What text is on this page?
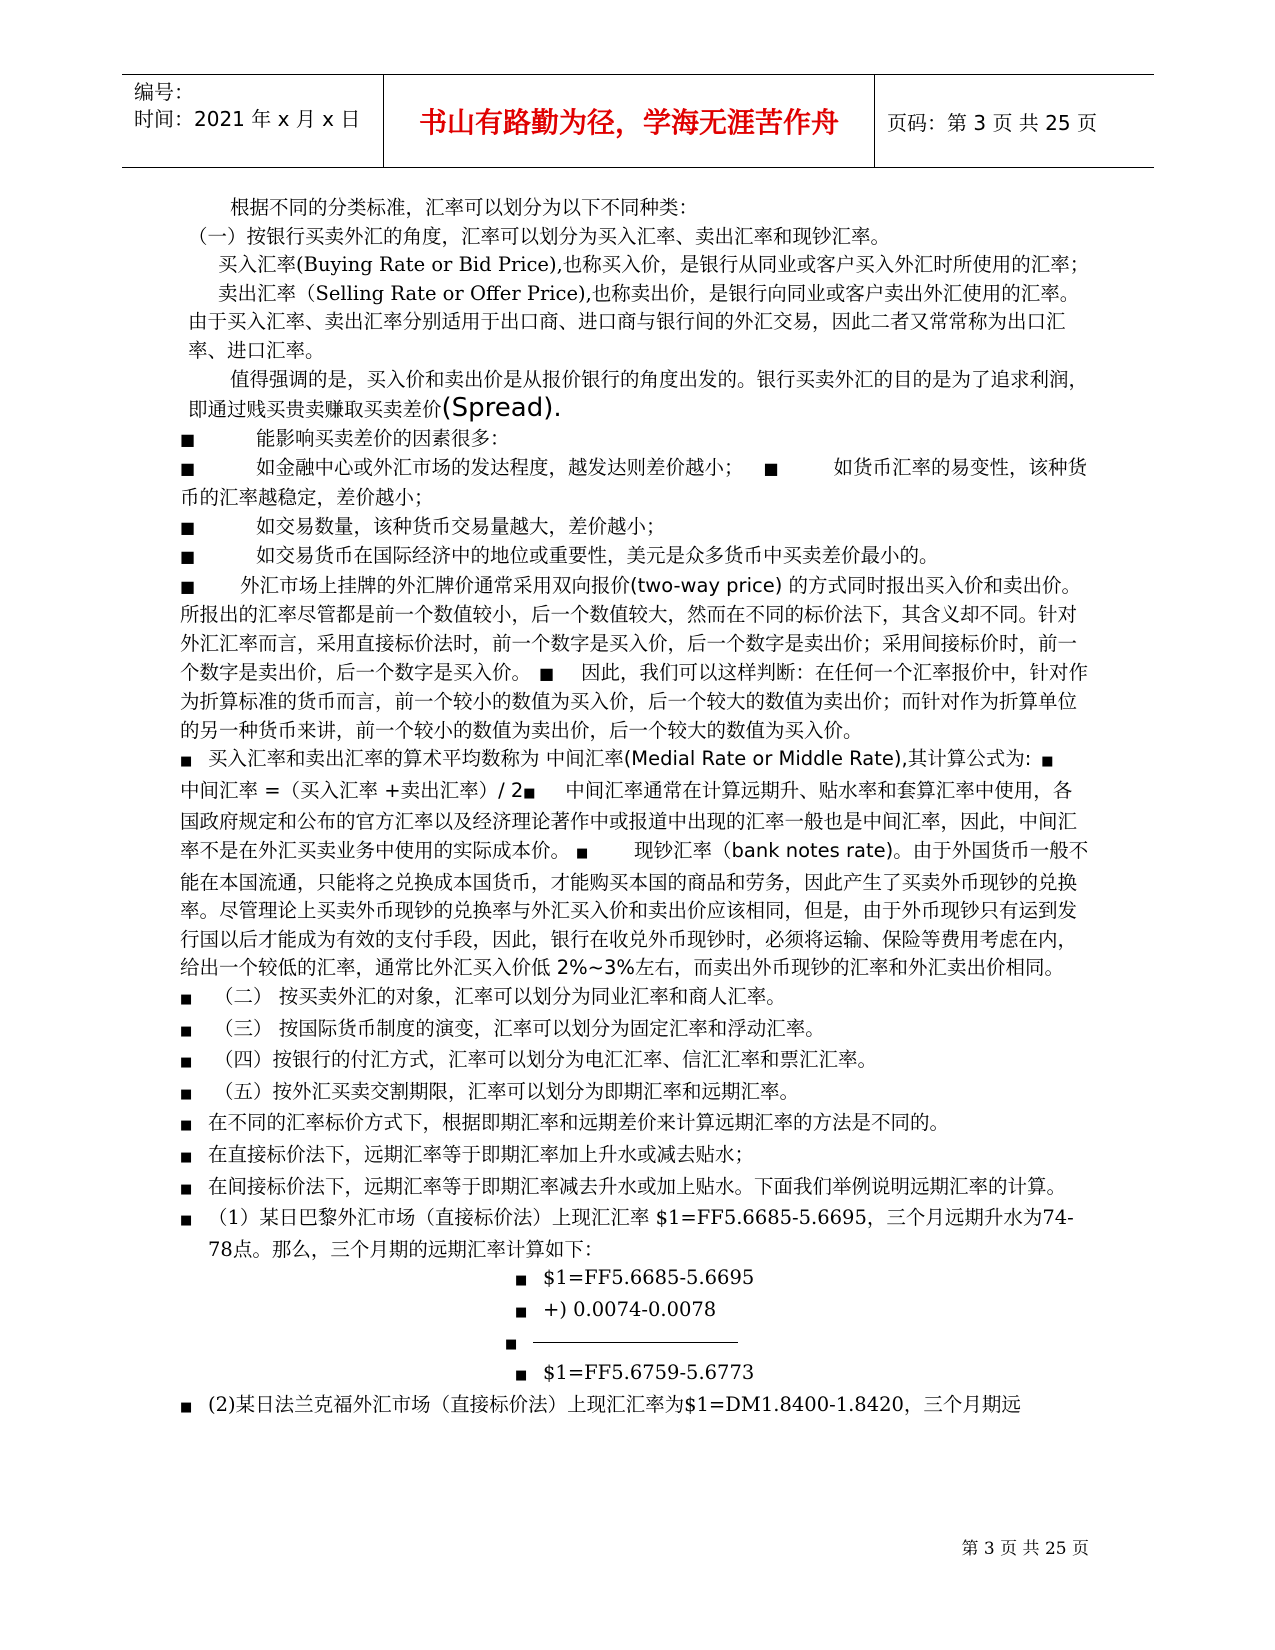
编号：
时间：2021 年 x 月 x 日	书山有路勤为径，学海无涯苦作舟	页码：第 3 页 共 25 页

根据不同的分类标准，汇率可以划分为以下不同种类：

（一）按银行买卖外汇的角度，汇率可以划分为买入汇率、卖出汇率和现钞汇率。

买入汇率(Buying Rate or Bid Price),也称买入价，是银行从同业或客户买入外汇时所使用的汇率；

卖出汇率（Selling Rate or Offer Price),也称卖出价，是银行向同业或客户卖出外汇使用的汇率。由于买入汇率、卖出汇率分别适用于出口商、进口商与银行间的外汇交易，因此二者又常常称为出口汇率、进口汇率。

值得强调的是，买入价和卖出价是从报价银行的角度出发的。银行买卖外汇的目的是为了追求利润，即通过贱买贵卖赚取买卖差价(Spread).

■	能影响买卖差价的因素很多：

■	如金融中心或外汇市场的发达程度，越发达则差价越小； ■	如货币汇率的易变性，该种货币的汇率越稳定，差价越小；

■	如交易数量，该种货币交易量越大，差价越小；

■	如交易货币在国际经济中的地位或重要性，美元是众多货币中买卖差价最小的。

■ 外汇市场上挂牌的外汇牌价通常采用双向报价(two-way price) 的方式同时报出买入价和卖出价。所报出的汇率尽管都是前一个数值较小，后一个数值较大，然而在不同的标价法下，其含义却不同。针对外汇汇率而言，采用直接标价法时，前一个数字是买入价，后一个数字是卖出价；采用间接标价时，前一个数字是卖出价，后一个数字是买入价。 ■ 因此，我们可以这样判断：在任何一个汇率报价中，针对作为折算标准的货币而言，前一个较小的数值为买入价，后一个较大的数值为卖出价；而针对作为折算单位的另一种货币来讲，前一个较小的数值为卖出价，后一个较大的数值为买入价。

■ 买入汇率和卖出汇率的算术平均数称为 中间汇率(Medial Rate or Middle Rate),其计算公式为: ■中间汇率 =（买入汇率 +卖出汇率）/ 2■ 中间汇率通常在计算远期升、贴水率和套算汇率中使用，各国政府规定和公布的官方汇率以及经济理论著作中或报道中出现的汇率一般也是中间汇率，因此，中间汇率不是在外汇买卖业务中使用的实际成本价。 ■ 现钞汇率（bank notes rate)。由于外国货币一般不能在本国流通，只能将之兑换成本国货币，才能购买本国的商品和劳务，因此产生了买卖外币现钞的兑换率。尽管理论上买卖外币现钞的兑换率与外汇买入价和卖出价应该相同，但是，由于外币现钞只有运到发行国以后才能成为有效的支付手段，因此，银行在收兑外币现钞时，必须将运输、保险等费用考虑在内，给出一个较低的汇率，通常比外汇买入价低 2%~3%左右，而卖出外币现钞的汇率和外汇卖出价相同。

■ （二） 按买卖外汇的对象，汇率可以划分为同业汇率和商人汇率。

■ （三） 按国际货币制度的演变，汇率可以划分为固定汇率和浮动汇率。

■ （四）按银行的付汇方式，汇率可以划分为电汇汇率、信汇汇率和票汇汇率。

■ （五）按外汇买卖交割期限，汇率可以划分为即期汇率和远期汇率。

■ 在不同的汇率标价方式下，根据即期汇率和远期差价来计算远期汇率的方法是不同的。

■ 在直接标价法下，远期汇率等于即期汇率加上升水或减去贴水；

■ 在间接标价法下，远期汇率等于即期汇率减去升水或加上贴水。下面我们举例说明远期汇率的计算。

■ （1）某日巴黎外汇市场（直接标价法）上现汇汇率 $1=FF5.6685-5.6695，三个月远期升水为74-78点。那么，三个月期的远期汇率计算如下：

■ $1=FF5.6685-5.6695

■ +) 0.0074-0.0078

■

■ $1=FF5.6759-5.6773

■ (2)某日法兰克福外汇市场（直接标价法）上现汇汇率为$1=DM1.8400-1.8420，三个月期远

第 3 页 共 25 页
